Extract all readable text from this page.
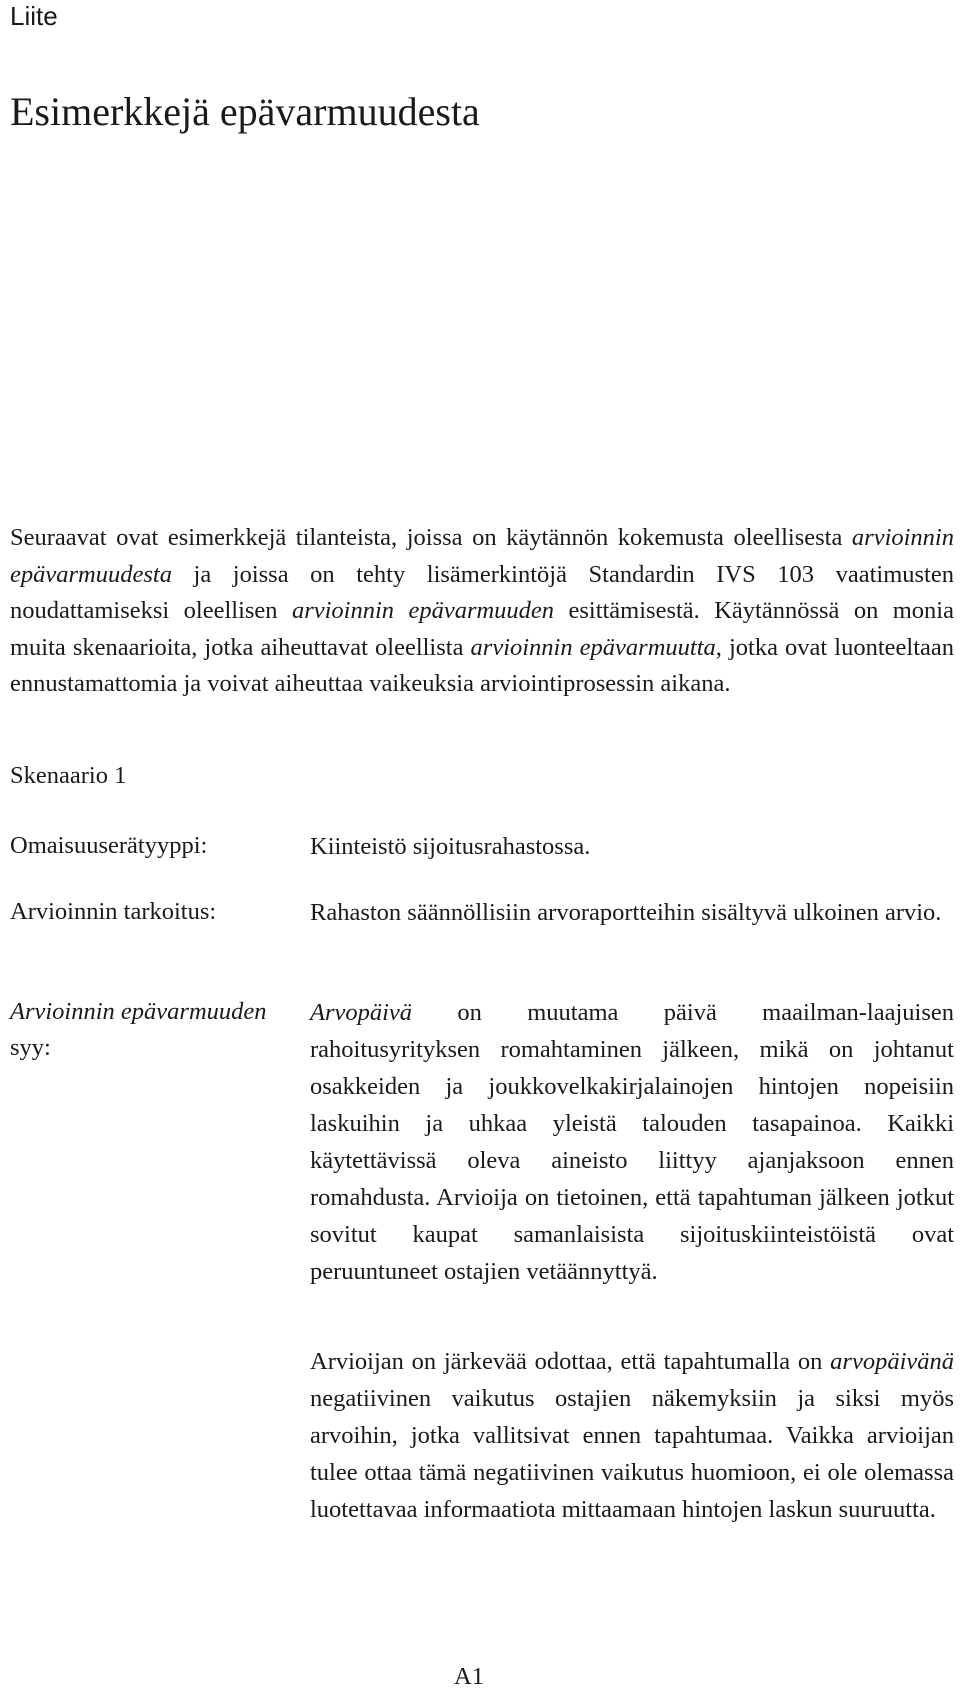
Liite
Esimerkkejä epävarmuudesta

Seuraavat ovat esimerkkejä tilanteista, joissa on käytännön kokemusta oleellisesta arvioinnin epävarmuudesta ja joissa on tehty lisämerkintöjä Standardin IVS 103 vaatimusten noudattamiseksi oleellisen arvioinnin epävarmuuden esittämisestä. Käytännössä on monia muita skenaarioita, jotka aiheuttavat oleellista arvioinnin epävarmuutta, jotka ovat luonteeltaan ennustamattomia ja voivat aiheuttaa vaikeuksia arviointiprosessin aikana.

Skenaario 1
Omaisuuserätyyppi:	Kiinteistö sijoitusrahastossa.

Arvioinnin tarkoitus:	Rahaston säännöllisiin arvoraportteihin sisältyvä ulkoinen arvio.

Arvioinnin epävarmuuden syy:

Arvopäivä on muutama päivä maailman-laajuisen rahoitusyrityksen romahtaminen jälkeen, mikä on johtanut osakkeiden ja joukkovelkakirjalainojen hintojen nopeisiin laskuihin ja uhkaa yleistä talouden tasapainoa. Kaikki käytettävissä oleva aineisto liittyy ajanjaksoon ennen romahdusta. Arvioija on tietoinen, että tapahtuman jälkeen jotkut sovitut kaupat samanlaisista sijoituskiinteistöistä ovat peruuntuneet ostajien vetäännyttyä.

Arvioijan on järkevää odottaa, että tapahtumalla on arvopäivänä negatiivinen vaikutus ostajien näkemyksiin ja siksi myös arvoihin, jotka vallitsivat ennen tapahtumaa. Vaikka arvioijan tulee ottaa tämä negatiivinen vaikutus huomioon, ei ole olemassa luotettavaa informaatiota mittaamaan hintojen laskun suuruutta.

A1
